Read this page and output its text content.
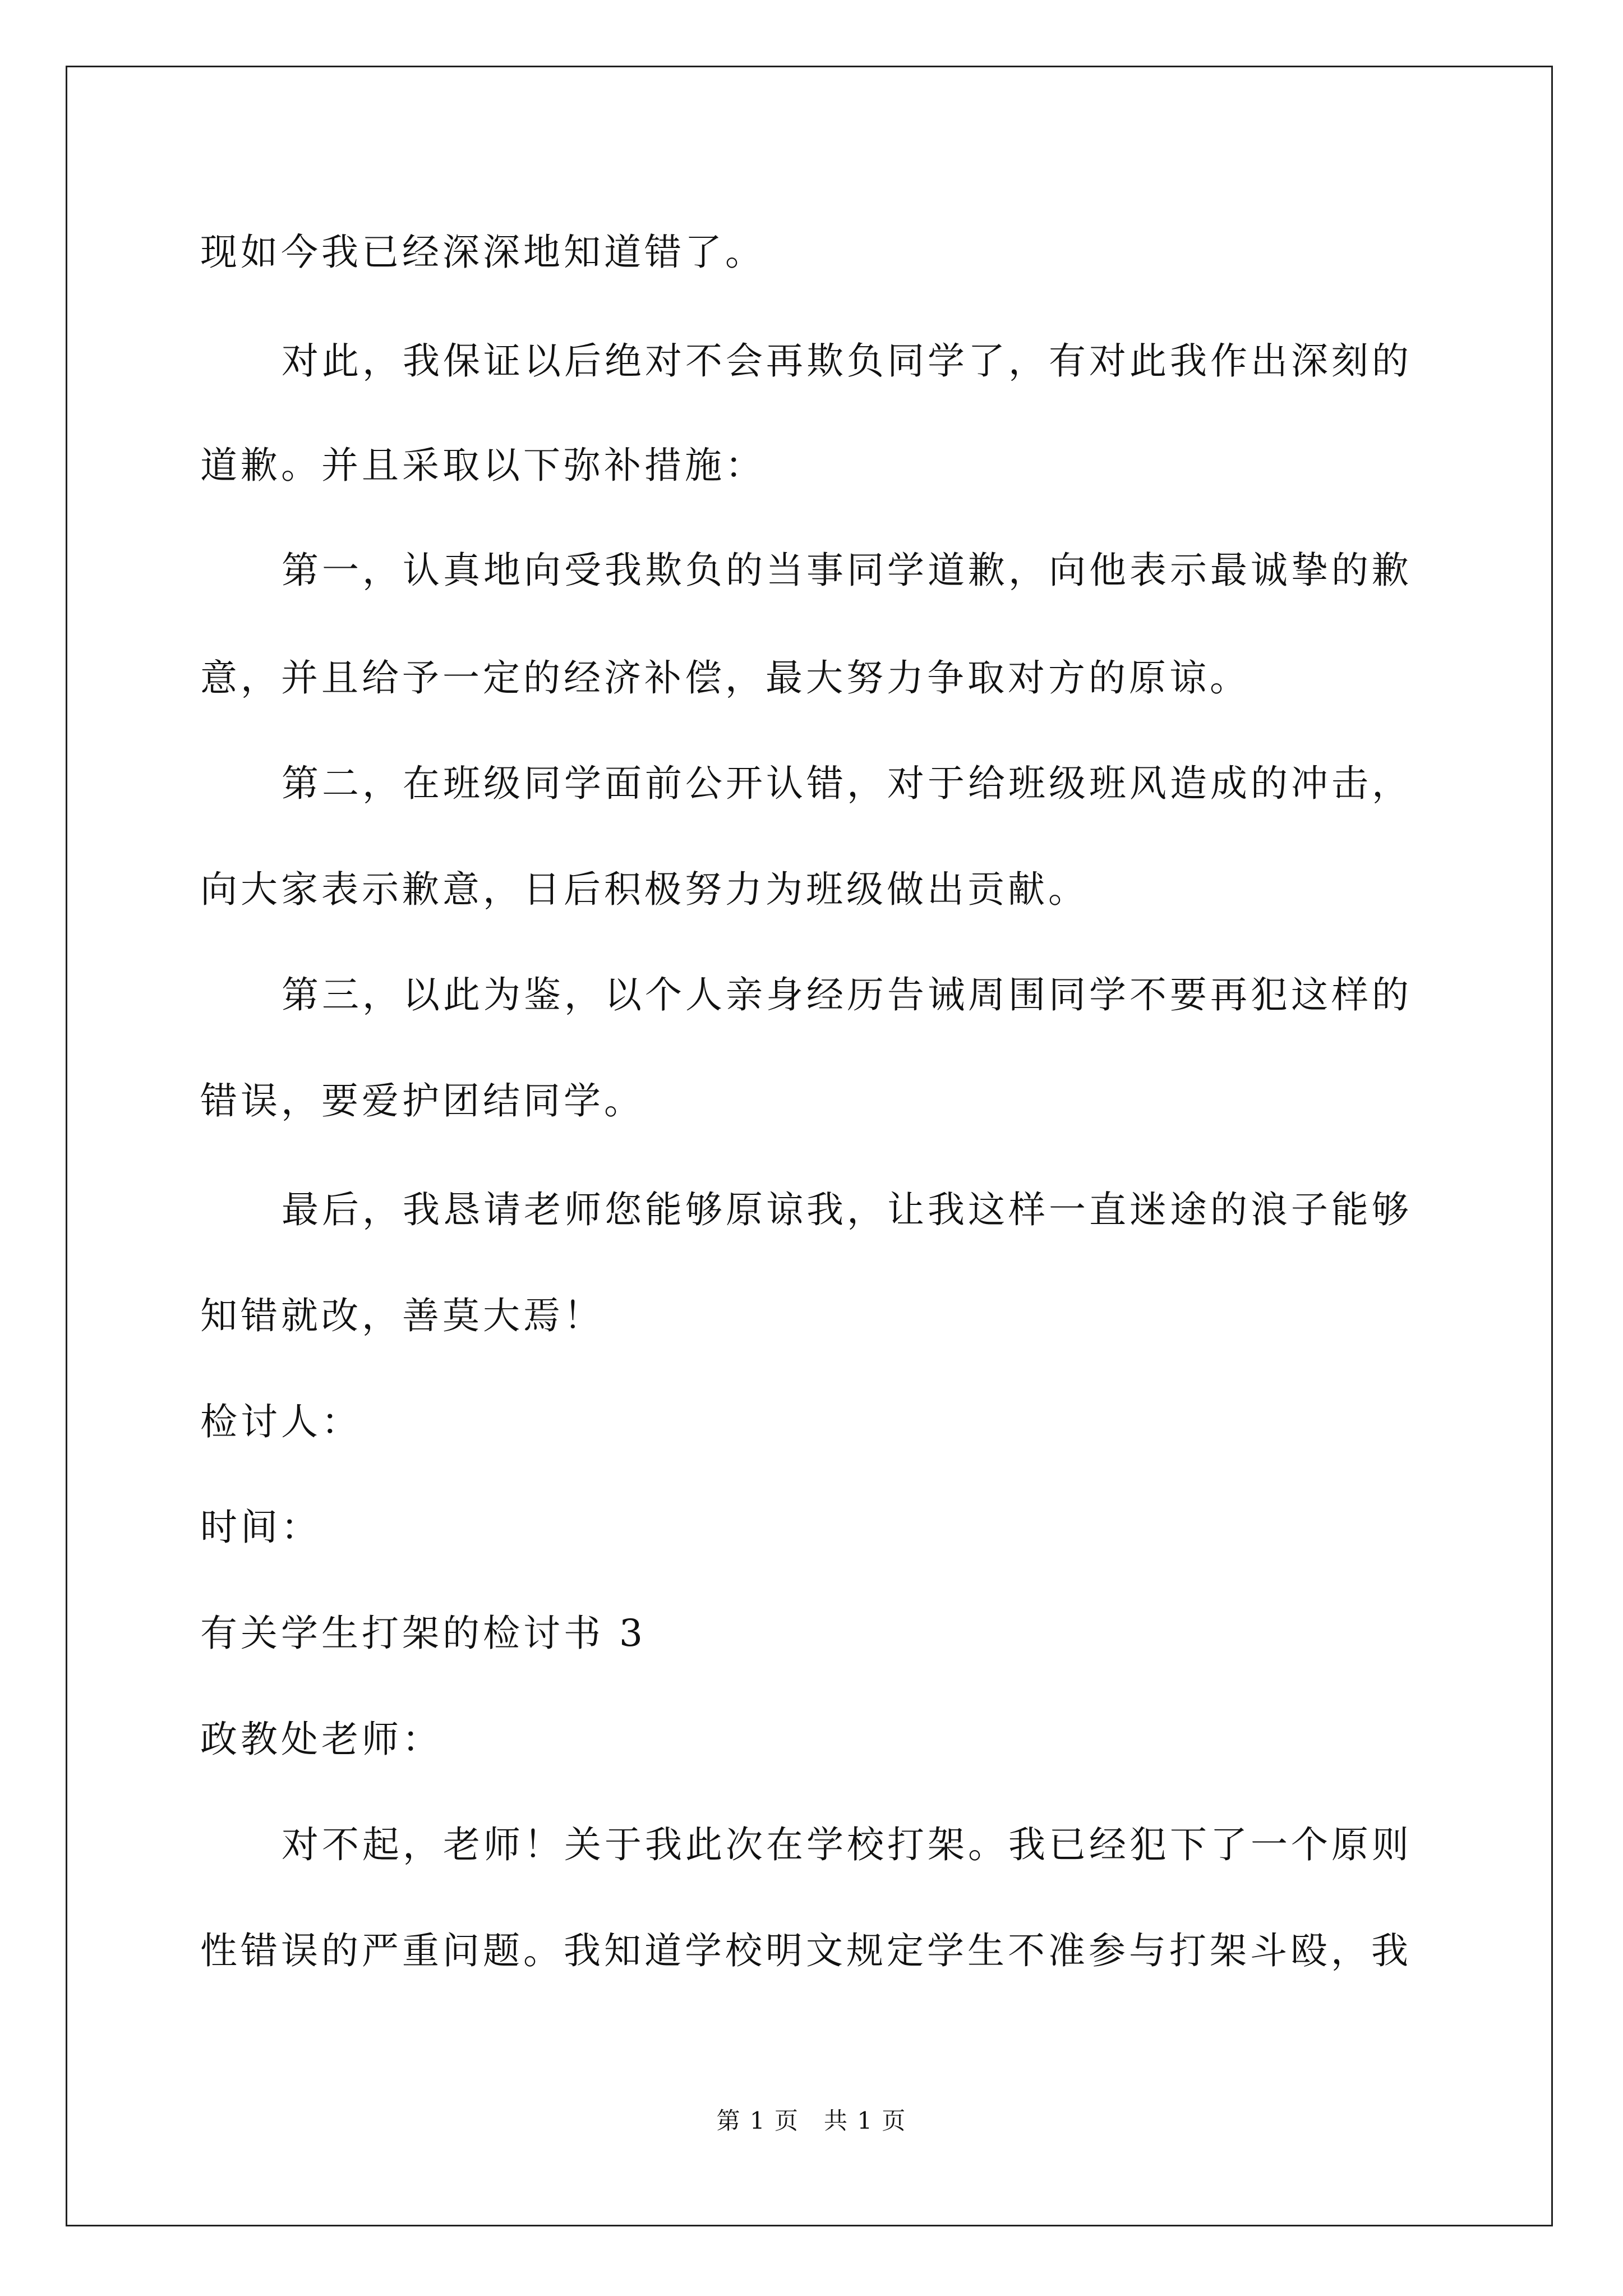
现如今我已经深深地知道错了。
对此，我保证以后绝对不会再欺负同学了，有对此我作出深刻的
道歉。并且采取以下弥补措施：
第一，认真地向受我欺负的当事同学道歉，向他表示最诚挚的歉
意，并且给予一定的经济补偿，最大努力争取对方的原谅。
第二，在班级同学面前公开认错，对于给班级班风造成的冲击，
向大家表示歉意，日后积极努力为班级做出贡献。
第三，以此为鉴，以个人亲身经历告诫周围同学不要再犯这样的
错误，要爱护团结同学。
最后，我恳请老师您能够原谅我，让我这样一直迷途的浪子能够
知错就改，善莫大焉！
检讨人：
时间：
有关学生打架的检讨书 3
政教处老师：
对不起，老师！关于我此次在学校打架。我已经犯下了一个原则
性错误的严重问题。我知道学校明文规定学生不准参与打架斗殴，我
第 1 页　共 1 页
